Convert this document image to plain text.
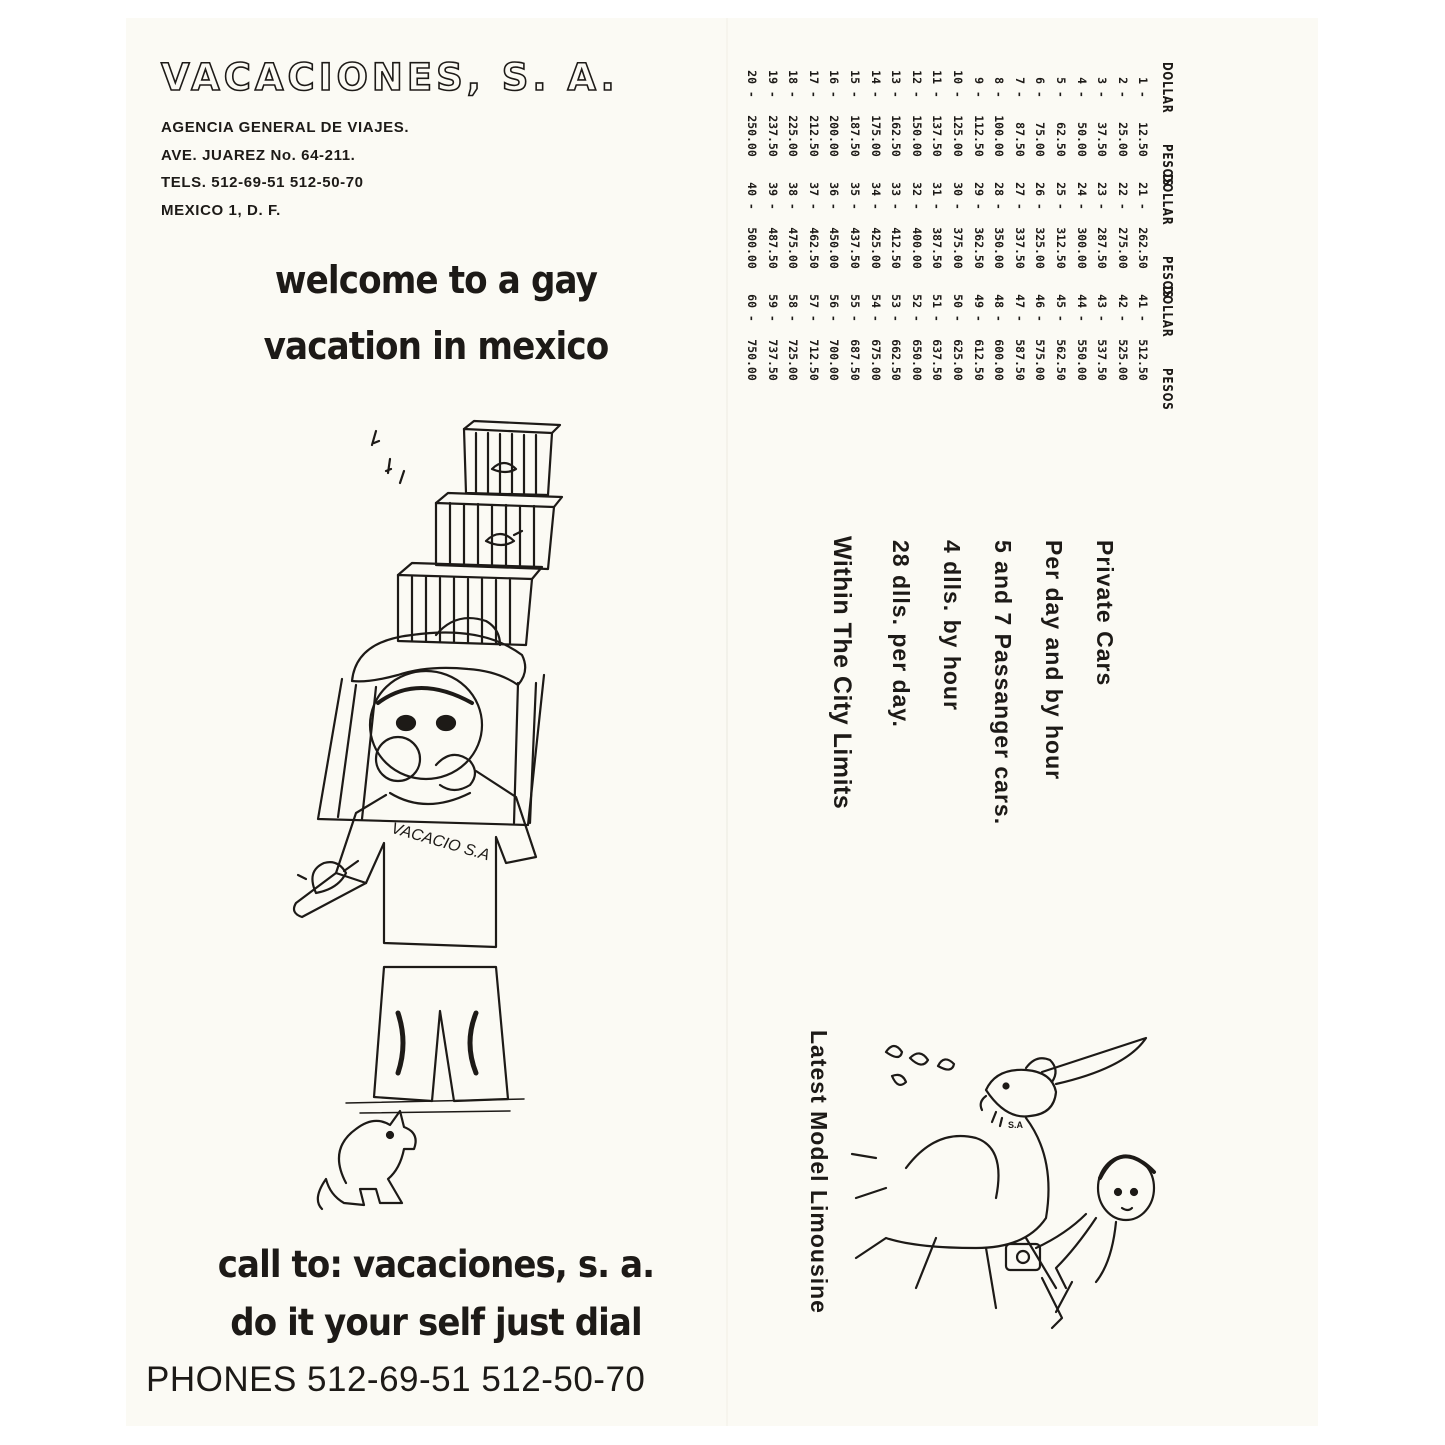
VACACIONES, S. A.
AGENCIA GENERAL DE VIAJES.
AVE. JUAREZ No. 64-211.
TELS. 512-69-51 512-50-70
MEXICO 1, D. F.
welcome to a gay
vacation in mexico
VACACIO S.A
call to: vacaciones, s. a.
do it your self just dial
PHONES 512-69-51 512-50-70
DOLLARPESOS
1 - 12.50
2 - 25.00
3 - 37.50
4 - 50.00
5 - 62.50
6 - 75.00
7 - 87.50
8 - 100.00
9 - 112.50
10 - 125.00
11 - 137.50
12 - 150.00
13 - 162.50
14 - 175.00
15 - 187.50
16 - 200.00
17 - 212.50
18 - 225.00
19 - 237.50
20 - 250.00
DOLLARPESOS
21 - 262.50
22 - 275.00
23 - 287.50
24 - 300.00
25 - 312.50
26 - 325.00
27 - 337.50
28 - 350.00
29 - 362.50
30 - 375.00
31 - 387.50
32 - 400.00
33 - 412.50
34 - 425.00
35 - 437.50
36 - 450.00
37 - 462.50
38 - 475.00
39 - 487.50
40 - 500.00
DOLLARPESOS
41 - 512.50
42 - 525.00
43 - 537.50
44 - 550.00
45 - 562.50
46 - 575.00
47 - 587.50
48 - 600.00
49 - 612.50
50 - 625.00
51 - 637.50
52 - 650.00
53 - 662.50
54 - 675.00
55 - 687.50
56 - 700.00
57 - 712.50
58 - 725.00
59 - 737.50
60 - 750.00
Private Cars
Per day and by hour
5 and 7 Passanger cars.
4 dlls. by hour
28 dlls. per day.
Within The City Limits
Latest Model Limousine	S.A
